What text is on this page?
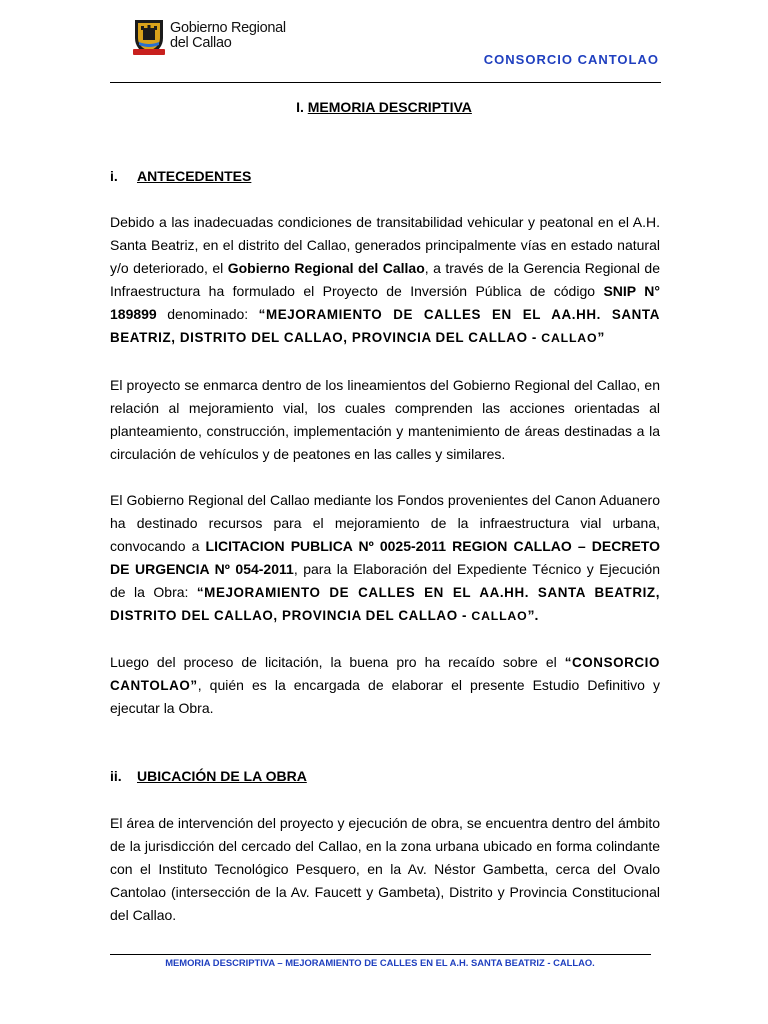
Gobierno Regional
del Callao
CONSORCIO CANTOLAO
I. MEMORIA DESCRIPTIVA
i. ANTECEDENTES
Debido a las inadecuadas condiciones de transitabilidad vehicular y peatonal en el A.H. Santa Beatriz, en el distrito del Callao, generados principalmente vías en estado natural y/o deteriorado, el Gobierno Regional del Callao, a través de la Gerencia Regional de Infraestructura ha formulado el Proyecto de Inversión Pública de código SNIP N° 189899 denominado: “MEJORAMIENTO DE CALLES EN EL AA.HH. SANTA BEATRIZ, DISTRITO DEL CALLAO, PROVINCIA DEL CALLAO - CALLAO”
El proyecto se enmarca dentro de los lineamientos del Gobierno Regional del Callao, en relación al mejoramiento vial, los cuales comprenden las acciones orientadas al planteamiento, construcción, implementación y mantenimiento de áreas destinadas a la circulación de vehículos y de peatones en las calles y similares.
El Gobierno Regional del Callao mediante los Fondos provenientes del Canon Aduanero ha destinado recursos para el mejoramiento de la infraestructura vial urbana, convocando a LICITACION PUBLICA Nº 0025-2011 REGION CALLAO – DECRETO DE URGENCIA Nº 054-2011, para la Elaboración del Expediente Técnico y Ejecución de la Obra: “MEJORAMIENTO DE CALLES EN EL AA.HH. SANTA BEATRIZ, DISTRITO DEL CALLAO, PROVINCIA DEL CALLAO - CALLAO”.
Luego del proceso de licitación, la buena pro ha recaído sobre el “CONSORCIO CANTOLAO”, quién es la encargada de elaborar el presente Estudio Definitivo y ejecutar la Obra.
ii. UBICACIÓN DE LA OBRA
El área de intervención del proyecto y ejecución de obra, se encuentra dentro del ámbito de la jurisdicción del cercado del Callao, en la zona urbana ubicado en forma colindante con el Instituto Tecnológico Pesquero, en la Av. Néstor Gambetta, cerca del Ovalo Cantolao (intersección de la Av. Faucett y Gambeta), Distrito y Provincia Constitucional del Callao.
MEMORIA DESCRIPTIVA – MEJORAMIENTO DE CALLES EN EL A.H. SANTA BEATRIZ - CALLAO.
